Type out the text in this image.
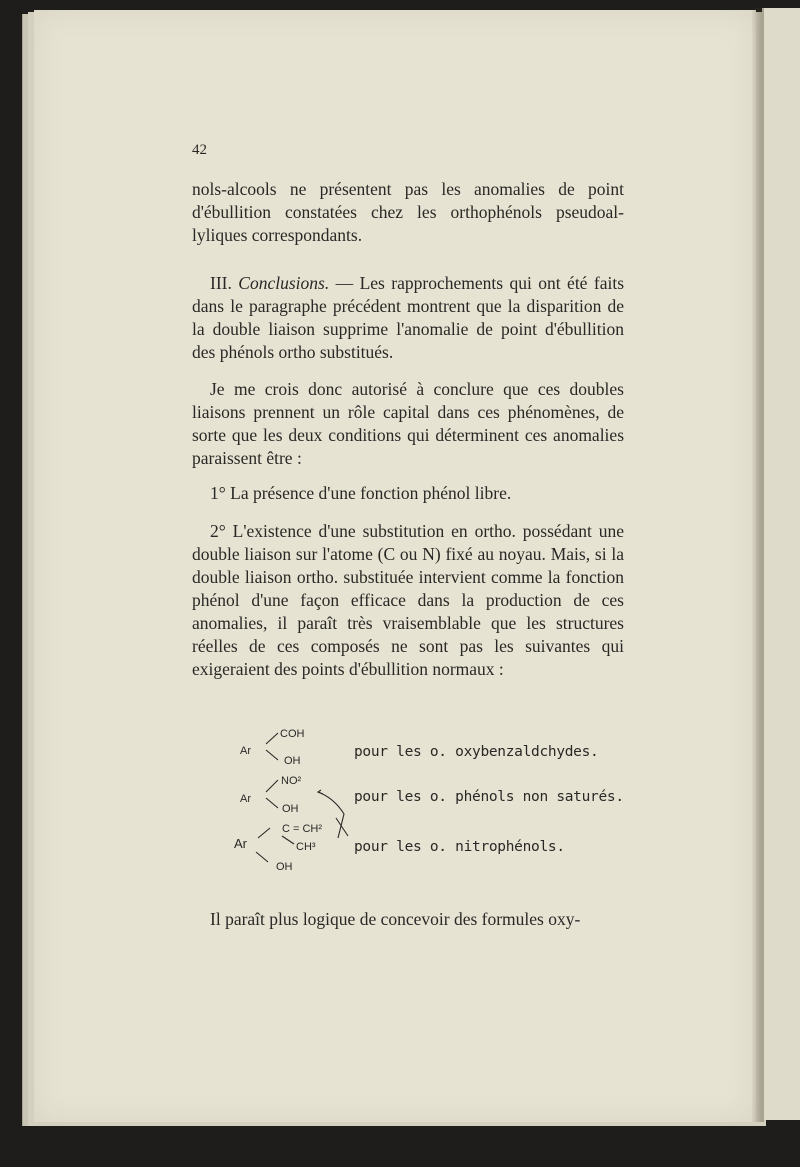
42

nols-alcools ne présentent pas les anomalies de point d'ébullition constatées chez les orthophénols pseudoal-lyliques correspondants.

III. Conclusions. — Les rapprochements qui ont été faits dans le paragraphe précédent montrent que la disparition de la double liaison supprime l'anomalie de point d'ébullition des phénols ortho substitués.
Je me crois donc autorisé à conclure que ces doubles liaisons prennent un rôle capital dans ces phénomènes, de sorte que les deux conditions qui déterminent ces anomalies paraissent être :
1° La présence d'une fonction phénol libre.
2° L'existence d'une substitution en ortho. possédant une double liaison sur l'atome (C ou N) fixé au noyau. Mais, si la double liaison ortho. substituée intervient comme la fonction phénol d'une façon efficace dans la production de ces anomalies, il paraît très vraisemblable que les structures réelles de ces composés ne sont pas les suivantes qui exigeraient des points d'ébullition normaux :
Ar
COH
OH
Ar
NO²
OH
Ar
C = CH²
CH³
OH
pour les o. oxybenzaldchydes.
pour les o. phénols non saturés.
pour les o. nitrophénols.
Il paraît plus logique de concevoir des formules oxy-
